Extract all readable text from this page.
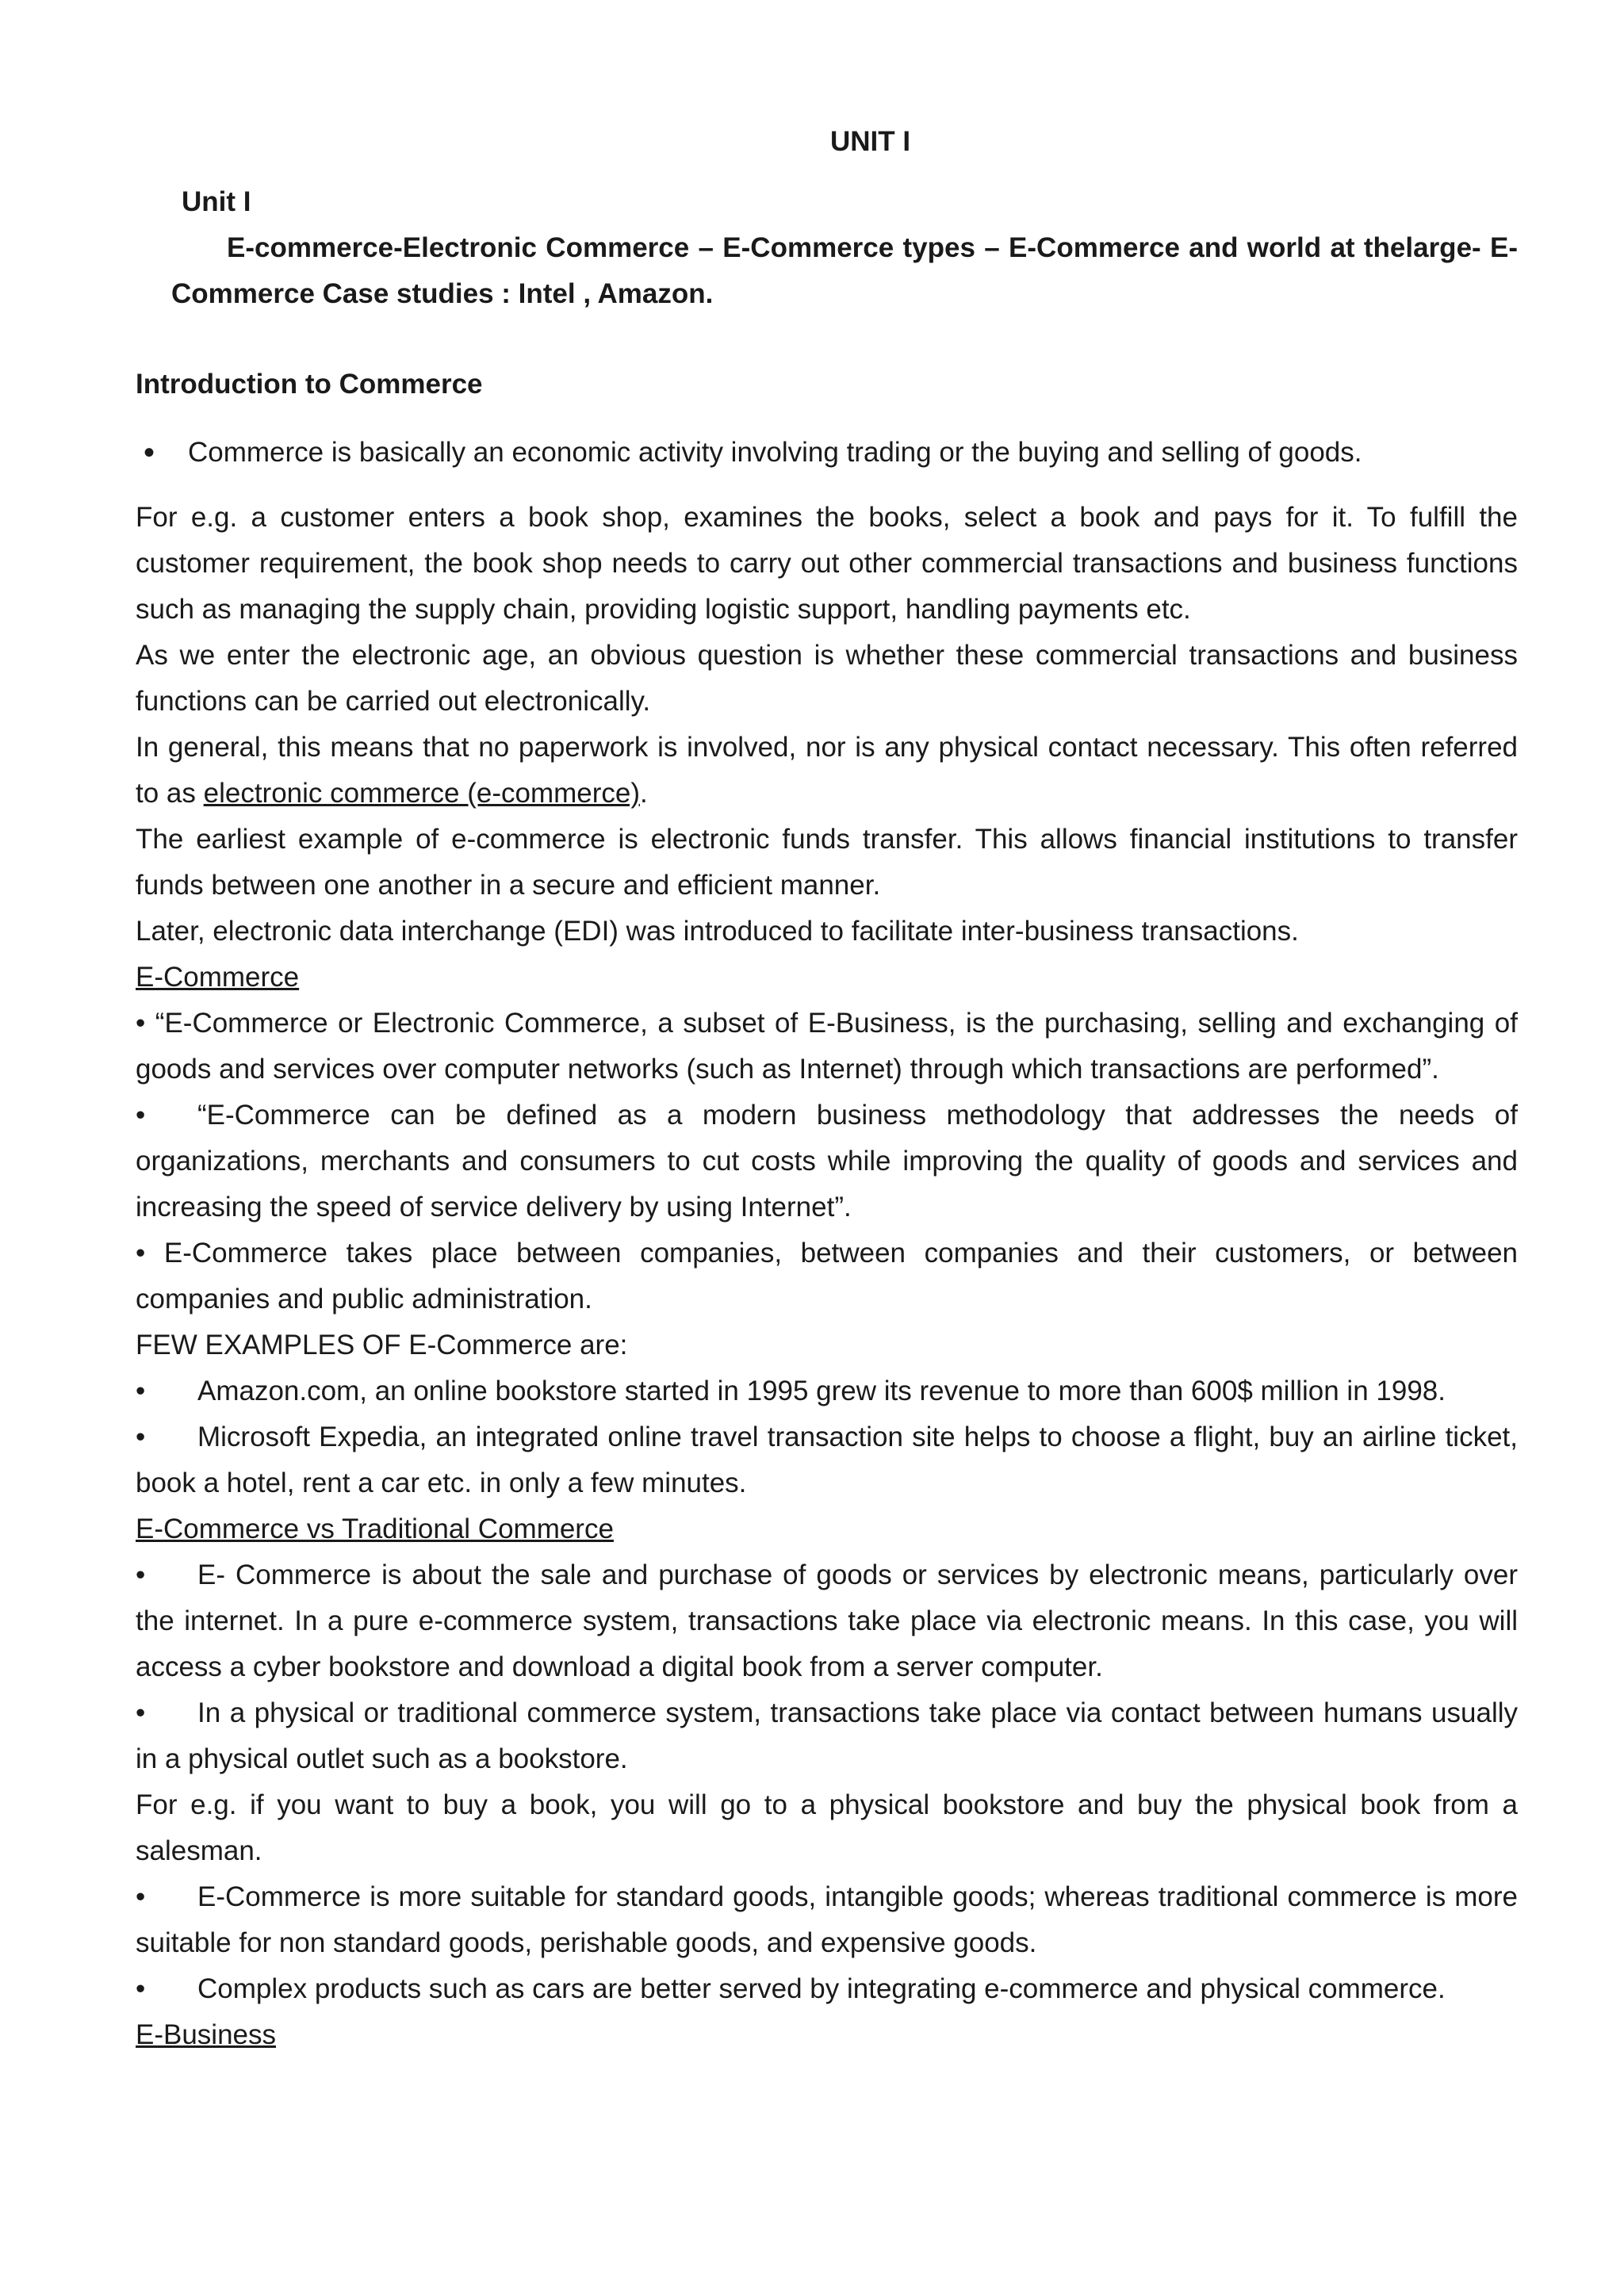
UNIT I

Unit I

E-commerce-Electronic Commerce – E-Commerce types – E-Commerce and world at thelarge- E- Commerce Case studies : Intel , Amazon.

Introduction to Commerce

•	Commerce is basically an economic activity involving trading or the buying and selling of goods.

For e.g. a customer enters a book shop, examines the books, select a book and pays for it. To fulfill the customer requirement, the book shop needs to carry out other commercial transactions and business functions such as managing the supply chain, providing logistic support, handling payments etc.

As we enter the electronic age, an obvious question is whether these commercial transactions and business functions can be carried out electronically.

In general, this means that no paperwork is involved, nor is any physical contact necessary. This often referred to as electronic commerce (e-commerce).

The earliest example of e-commerce is electronic funds transfer. This allows financial institutions to transfer funds between one another in a secure and efficient manner.

Later, electronic data interchange (EDI) was introduced to facilitate inter-business transactions.

E-Commerce

• “E-Commerce or Electronic Commerce, a subset of E-Business, is the purchasing, selling and exchanging of goods and services over computer networks (such as Internet) through which transactions are performed”.

• “E-Commerce can be defined as a modern business methodology that addresses the needs of organizations, merchants and consumers to cut costs while improving the quality of goods and services and increasing the speed of service delivery by using Internet”.

• E-Commerce takes place between companies, between companies and their customers, or between companies and public administration.

FEW EXAMPLES OF E-Commerce are:

• Amazon.com, an online bookstore started in 1995 grew its revenue to more than 600$ million in 1998.

• Microsoft Expedia, an integrated online travel transaction site helps to choose a flight, buy an airline ticket, book a hotel, rent a car etc. in only a few minutes.

E-Commerce vs Traditional Commerce

• E- Commerce is about the sale and purchase of goods or services by electronic means, particularly over the internet. In a pure e-commerce system, transactions take place via electronic means. In this case, you will access a cyber bookstore and download a digital book from a server computer.

• In a physical or traditional commerce system, transactions take place via contact between humans usually in a physical outlet such as a bookstore.

For e.g. if you want to buy a book, you will go to a physical bookstore and buy the physical book from a salesman.

• E-Commerce is more suitable for standard goods, intangible goods; whereas traditional commerce is more suitable for non standard goods, perishable goods, and expensive goods.

• Complex products such as cars are better served by integrating e-commerce and physical commerce.

E-Business
